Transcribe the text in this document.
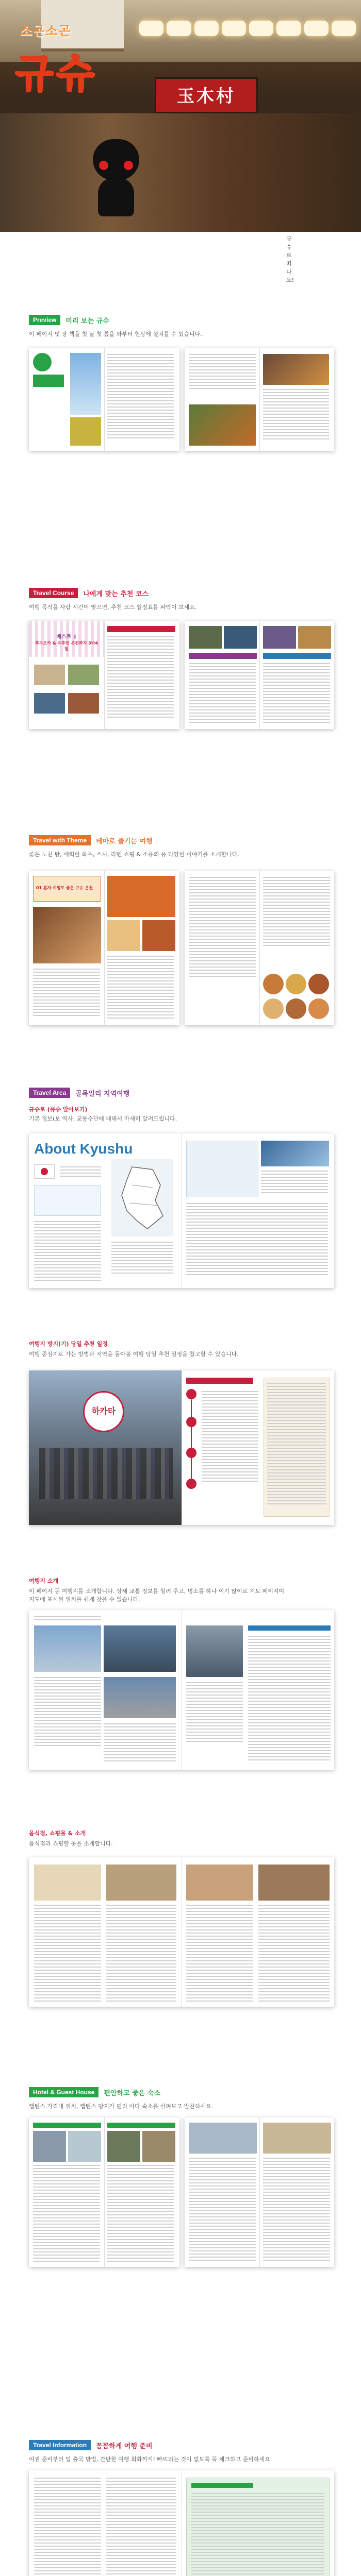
玉木村
소곤소곤
규슈
규슈로
떠나요!
Preview	미리 보는 규슈
이 페이지 몇 장 책을 첫 날 첫 틈을 와부터 현상에 설치를 수 있습니다.
Travel Course	나에게 맞는 추천 코스
여행 목적을 사람 시간이 맞으면, 추천 코스 일정표를 파악이 보세요.
베스트 1
후쿠오카 & 유후인 온천까지 3박4일
Travel with Theme	테마로 즐기는 여행
좋은 노천 탕, 매력한 화우, 스시, 라멘 쇼핑 & 소유의 유 다양한 이야기를 소개합니다.
01 혼자 여행도 좋은 규슈 온천
Travel Area	골목일리 지역여행
규슈로 (큐슈 알아보기)
기본 정보(보 역사, 교통수단에 대해서 자세히 알려드립니다.
About Kyushu
여행지 방지(기) 당일 추천 일정
여행 중심지로 가는 방법과 지역을 돌아볼 여행 당일 추천 일정을 참고할 수 있습니다.
하카타
여행지 소개
이 페이지 등 여행지를 소개합니다. 상세 교통 정보를 일러 주고, 명소를 하나 이기 많이로 지도 페이지미
지도에 표시된 위치를 쉽게 찾을 수 있습니다.
음식점, 쇼핑몰 & 소개
음식점과 쇼핑할 곳을 소개합니다.
Hotel & Guest House	편안하고 좋은 숙소
캡틴스 가격대 위치, 캡틴스 방지가 편리 마다 숙소를 살펴보고 알찬하세요.
Travel Information	꼼꼼하게 여행 준비
여권 준비부터 입 출국 방법, 간단한 여행 회화까지! 빠뜨리는 것이 없도록 꼭 체크하고 준비하세요
